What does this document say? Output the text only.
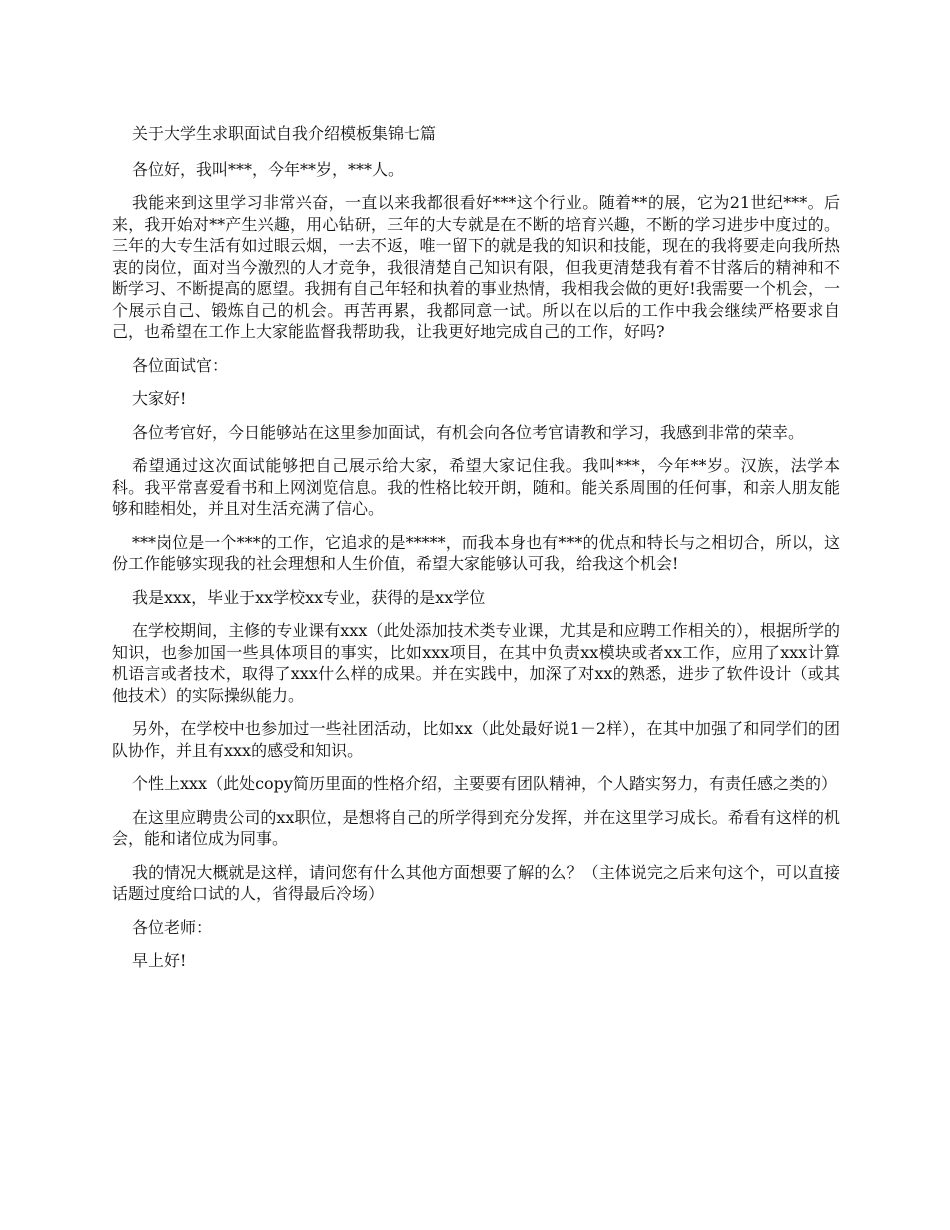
关于大学生求职面试自我介绍模板集锦七篇

各位好，我叫***，今年**岁，***人。

我能来到这里学习非常兴奋，一直以来我都很看好***这个行业。随着**的展，它为21世纪***。后来，我开始对**产生兴趣，用心钻研，三年的大专就是在不断的培育兴趣，不断的学习进步中度过的。三年的大专生活有如过眼云烟，一去不返，唯一留下的就是我的知识和技能，现在的我将要走向我所热衷的岗位，面对当今激烈的人才竞争，我很清楚自己知识有限，但我更清楚我有着不甘落后的精神和不断学习、不断提高的愿望。我拥有自己年轻和执着的事业热情，我相我会做的更好!我需要一个机会，一个展示自己、锻炼自己的机会。再苦再累，我都同意一试。所以在以后的工作中我会继续严格要求自己，也希望在工作上大家能监督我帮助我，让我更好地完成自己的工作，好吗?

各位面试官：

大家好!

各位考官好，今日能够站在这里参加面试，有机会向各位考官请教和学习，我感到非常的荣幸。

希望通过这次面试能够把自己展示给大家，希望大家记住我。我叫***，今年**岁。汉族，法学本科。我平常喜爱看书和上网浏览信息。我的性格比较开朗，随和。能关系周围的任何事，和亲人朋友能够和睦相处，并且对生活充满了信心。

***岗位是一个***的工作，它追求的是*****，而我本身也有***的优点和特长与之相切合，所以，这份工作能够实现我的社会理想和人生价值，希望大家能够认可我，给我这个机会!

我是xxx，毕业于xx学校xx专业，获得的是xx学位

在学校期间，主修的专业课有xxx（此处添加技术类专业课，尤其是和应聘工作相关的），根据所学的知识，也参加国一些具体项目的事实，比如xxx项目，在其中负责xx模块或者xx工作，应用了xxx计算机语言或者技术，取得了xxx什么样的成果。并在实践中，加深了对xx的熟悉，进步了软件设计（或其他技术）的实际操纵能力。

另外，在学校中也参加过一些社团活动，比如xx（此处最好说1－2样），在其中加强了和同学们的团队协作，并且有xxx的感受和知识。

个性上xxx（此处copy简历里面的性格介绍，主要要有团队精神，个人踏实努力，有责任感之类的）

在这里应聘贵公司的xx职位，是想将自己的所学得到充分发挥，并在这里学习成长。希看有这样的机会，能和诸位成为同事。

我的情况大概就是这样，请问您有什么其他方面想要了解的么？（主体说完之后来句这个，可以直接话题过度给口试的人，省得最后冷场）

各位老师：

早上好!
